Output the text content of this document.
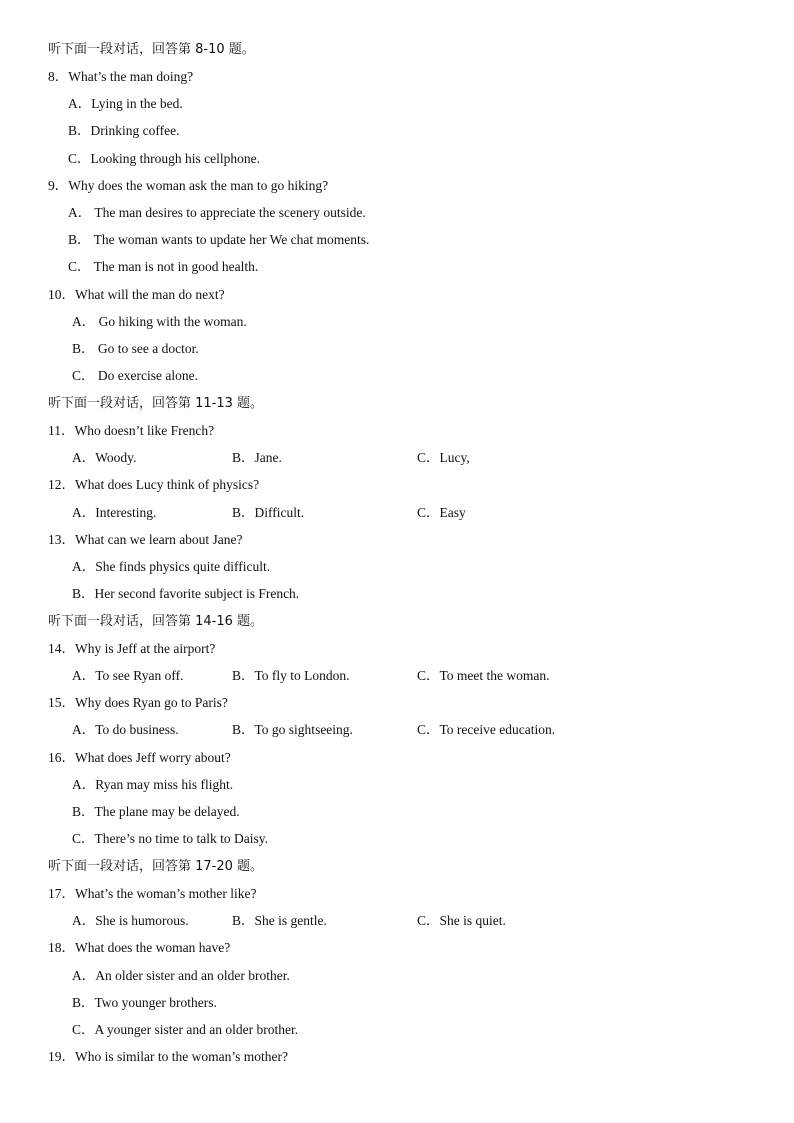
听下面一段对话，回答第 8-10 题。
8．What’s the man doing?
A．Lying in the bed.
B．Drinking coffee.
C．Looking through his cellphone.
9．Why does the woman ask the man to go hiking?
A． The man desires to appreciate the scenery outside.
B． The woman wants to update her We chat moments.
C． The man is not in good health.
10．What will the man do next?
A． Go hiking with the woman.
B． Go to see a doctor.
C． Do exercise alone.
听下面一段对话，回答第 11-13 题。
11．Who doesn’t like French?
A．Woody.	B．Jane.	C．Lucy,
12．What does Lucy think of physics?
A．Interesting.	B．Difficult.	C．Easy
13．What can we learn about Jane?
A．She finds physics quite difficult.
B．Her second favorite subject is French.
听下面一段对话，回答第 14-16 题。
14．Why is Jeff at the airport?
A．To see Ryan off.	B．To fly to London.	C．To meet the woman.
15．Why does Ryan go to Paris?
A．To do business.	B．To go sightseeing.	C．To receive education.
16．What does Jeff worry about?
A．Ryan may miss his flight.
B．The plane may be delayed.
C．There’s no time to talk to Daisy.
听下面一段对话，回答第 17-20 题。
17．What’s the woman’s mother like?
A．She is humorous.	B．She is gentle.	C．She is quiet.
18．What does the woman have?
A．An older sister and an older brother.
B．Two younger brothers.
C．A younger sister and an older brother.
19．Who is similar to the woman’s mother?
